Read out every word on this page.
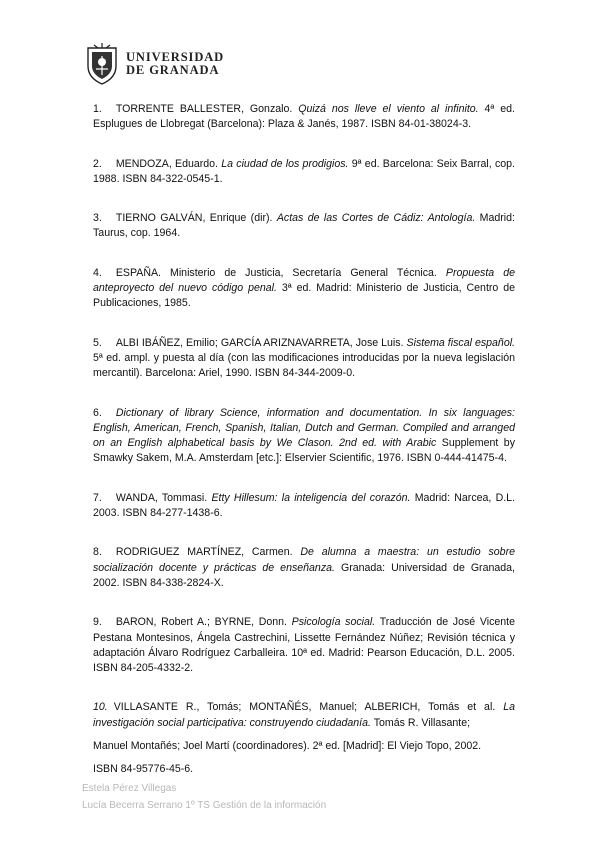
UNIVERSIDAD
DE GRANADA

1. TORRENTE BALLESTER, Gonzalo. Quizá nos lleve el viento al infinito. 4ª ed. Esplugues de Llobregat (Barcelona): Plaza & Janés, 1987. ISBN 84-01-38024-3.

2. MENDOZA, Eduardo. La ciudad de los prodigios. 9ª ed. Barcelona: Seix Barral, cop. 1988. ISBN 84-322-0545-1.

3. TIERNO GALVÁN, Enrique (dir). Actas de las Cortes de Cádiz: Antología. Madrid: Taurus, cop. 1964.

4. ESPAÑA. Ministerio de Justicia, Secretaría General Técnica. Propuesta de anteproyecto del nuevo código penal. 3ª ed. Madrid: Ministerio de Justicia, Centro de Publicaciones, 1985.

5. ALBI IBÁÑEZ, Emilio; GARCÍA ARIZNAVARRETA, Jose Luis. Sistema fiscal español. 5ª ed. ampl. y puesta al día (con las modificaciones introducidas por la nueva legislación mercantil). Barcelona: Ariel, 1990. ISBN 84-344-2009-0.

6. Dictionary of library Science, information and documentation. In six languages: English, American, French, Spanish, Italian, Dutch and German. Compiled and arranged on an English alphabetical basis by We Clason. 2nd ed. with Arabic Supplement by Smawky Sakem, M.A. Amsterdam [etc.]: Elservier Scientific, 1976. ISBN 0-444-41475-4.

7. WANDA, Tommasi. Etty Hillesum: la inteligencia del corazón. Madrid: Narcea, D.L. 2003. ISBN 84-277-1438-6.

8. RODRIGUEZ MARTÍNEZ, Carmen. De alumna a maestra: un estudio sobre socialización docente y prácticas de enseñanza. Granada: Universidad de Granada, 2002. ISBN 84-338-2824-X.

9. BARON, Robert A.; BYRNE, Donn. Psicología social. Traducción de José Vicente Pestana Montesinos, Ángela Castrechini, Lissette Fernández Núñez; Revisión técnica y adaptación Álvaro Rodríguez Carballeira. 10ª ed. Madrid: Pearson Educación, D.L. 2005. ISBN 84-205-4332-2.

10. VILLASANTE R., Tomás; MONTAÑÉS, Manuel; ALBERICH, Tomás et al. La investigación social participativa: construyendo ciudadanía. Tomás R. Villasante;

Manuel Montañés; Joel Martí (coordinadores). 2ª ed. [Madrid]: El Viejo Topo, 2002.

ISBN 84-95776-45-6.

Estela Pérez Villegas
Lucía Becerra Serrano 1º TS Gestión de la información
